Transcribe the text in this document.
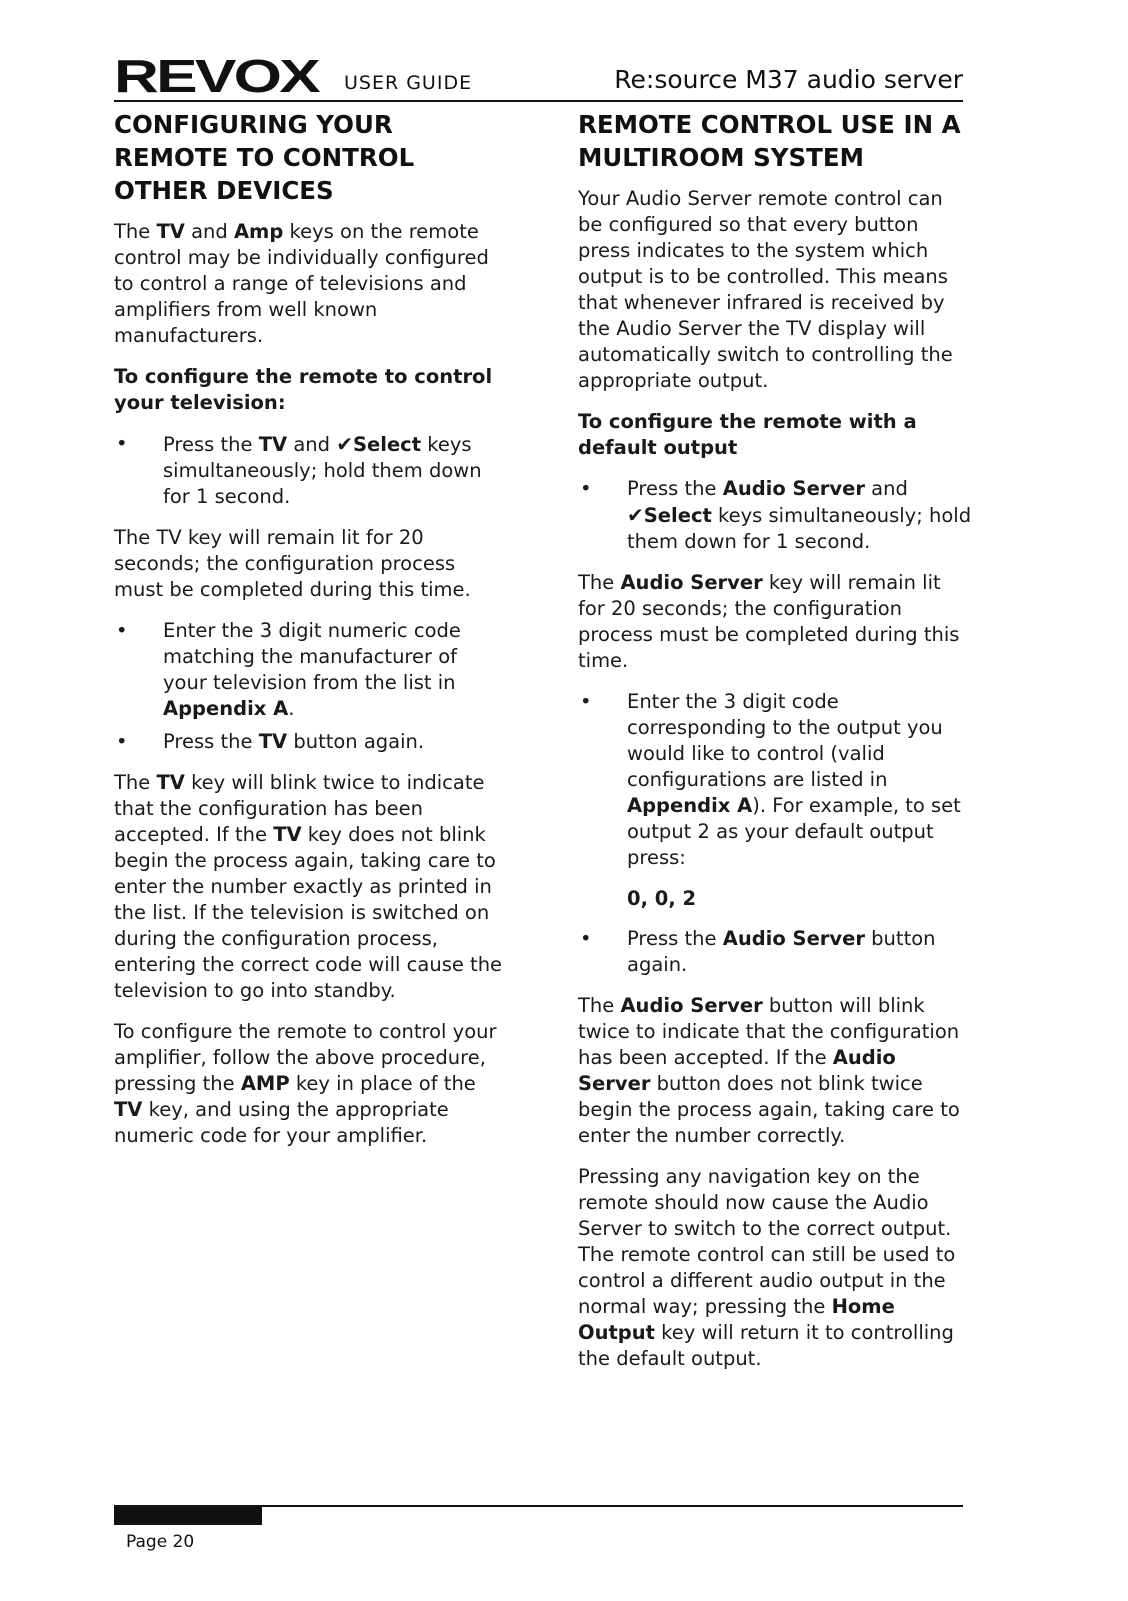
REVOX USER GUIDE	Re:source M37 audio server
CONFIGURING YOUR
REMOTE TO CONTROL
OTHER DEVICES

The TV and Amp keys on the remote control may be individually configured to control a range of televisions and amplifiers from well known manufacturers.

To configure the remote to control your television:

• Press the TV and ✔Select keys simultaneously; hold them down for 1 second.

The TV key will remain lit for 20 seconds; the configuration process must be completed during this time.

• Enter the 3 digit numeric code matching the manufacturer of your television from the list in Appendix A.
• Press the TV button again.

The TV key will blink twice to indicate that the configuration has been accepted. If the TV key does not blink begin the process again, taking care to enter the number exactly as printed in the list. If the television is switched on during the configuration process, entering the correct code will cause the television to go into standby.

To configure the remote to control your amplifier, follow the above procedure, pressing the AMP key in place of the TV key, and using the appropriate numeric code for your amplifier.

REMOTE CONTROL USE IN A
MULTIROOM SYSTEM

Your Audio Server remote control can be configured so that every button press indicates to the system which output is to be controlled. This means that whenever infrared is received by the Audio Server the TV display will automatically switch to controlling the appropriate output.

To configure the remote with a default output

• Press the Audio Server and ✔Select keys simultaneously; hold them down for 1 second.

The Audio Server key will remain lit for 20 seconds; the configuration process must be completed during this time.

• Enter the 3 digit code corresponding to the output you would like to control (valid configurations are listed in Appendix A). For example, to set output 2 as your default output press:
0, 0, 2
• Press the Audio Server button again.

The Audio Server button will blink twice to indicate that the configuration has been accepted. If the Audio Server button does not blink twice begin the process again, taking care to enter the number correctly.

Pressing any navigation key on the remote should now cause the Audio Server to switch to the correct output. The remote control can still be used to control a different audio output in the normal way; pressing the Home Output key will return it to controlling the default output.

Page 20
